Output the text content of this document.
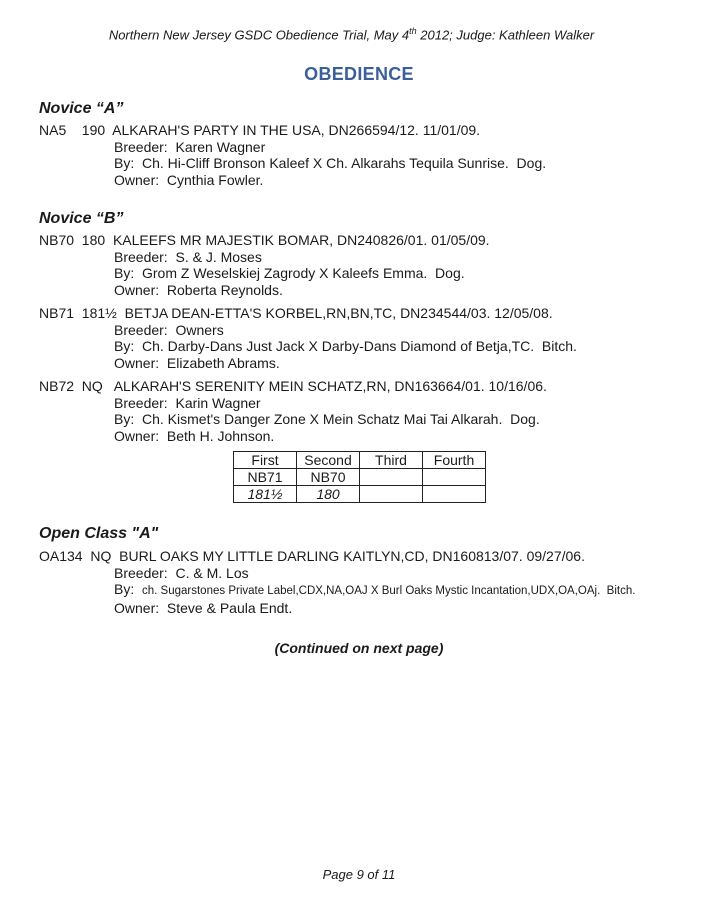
Northern New Jersey GSDC Obedience Trial, May 4th 2012; Judge: Kathleen Walker
OBEDIENCE
Novice “A”
NA5    190  ALKARAH'S PARTY IN THE USA, DN266594/12. 11/01/09.
Breeder:  Karen Wagner
By:  Ch. Hi-Cliff Bronson Kaleef X Ch. Alkarahs Tequila Sunrise.  Dog.
Owner:  Cynthia Fowler.
Novice “B”
NB70  180  KALEEFS MR MAJESTIK BOMAR, DN240826/01. 01/05/09.
Breeder:  S. & J. Moses
By:  Grom Z Weselskiej Zagrody X Kaleefs Emma.  Dog.
Owner:  Roberta Reynolds.
NB71  181½  BETJA DEAN-ETTA'S KORBEL,RN,BN,TC, DN234544/03. 12/05/08.
Breeder:  Owners
By:  Ch. Darby-Dans Just Jack X Darby-Dans Diamond of Betja,TC.  Bitch.
Owner:  Elizabeth Abrams.
NB72  NQ   ALKARAH'S SERENITY MEIN SCHATZ,RN, DN163664/01. 10/16/06.
Breeder:  Karin Wagner
By:  Ch. Kismet's Danger Zone X Mein Schatz Mai Tai Alkarah.  Dog.
Owner:  Beth H. Johnson.
First	Second	Third	Fourth
NB71	NB70		
181½	180		
Open Class "A"
OA134  NQ  BURL OAKS MY LITTLE DARLING KAITLYN,CD, DN160813/07. 09/27/06.
Breeder:  C. & M. Los
By:  ch. Sugarstones Private Label,CDX,NA,OAJ X Burl Oaks Mystic Incantation,UDX,OA,OAj.  Bitch.
Owner:  Steve & Paula Endt.
(Continued on next page)
Page 9 of 11
